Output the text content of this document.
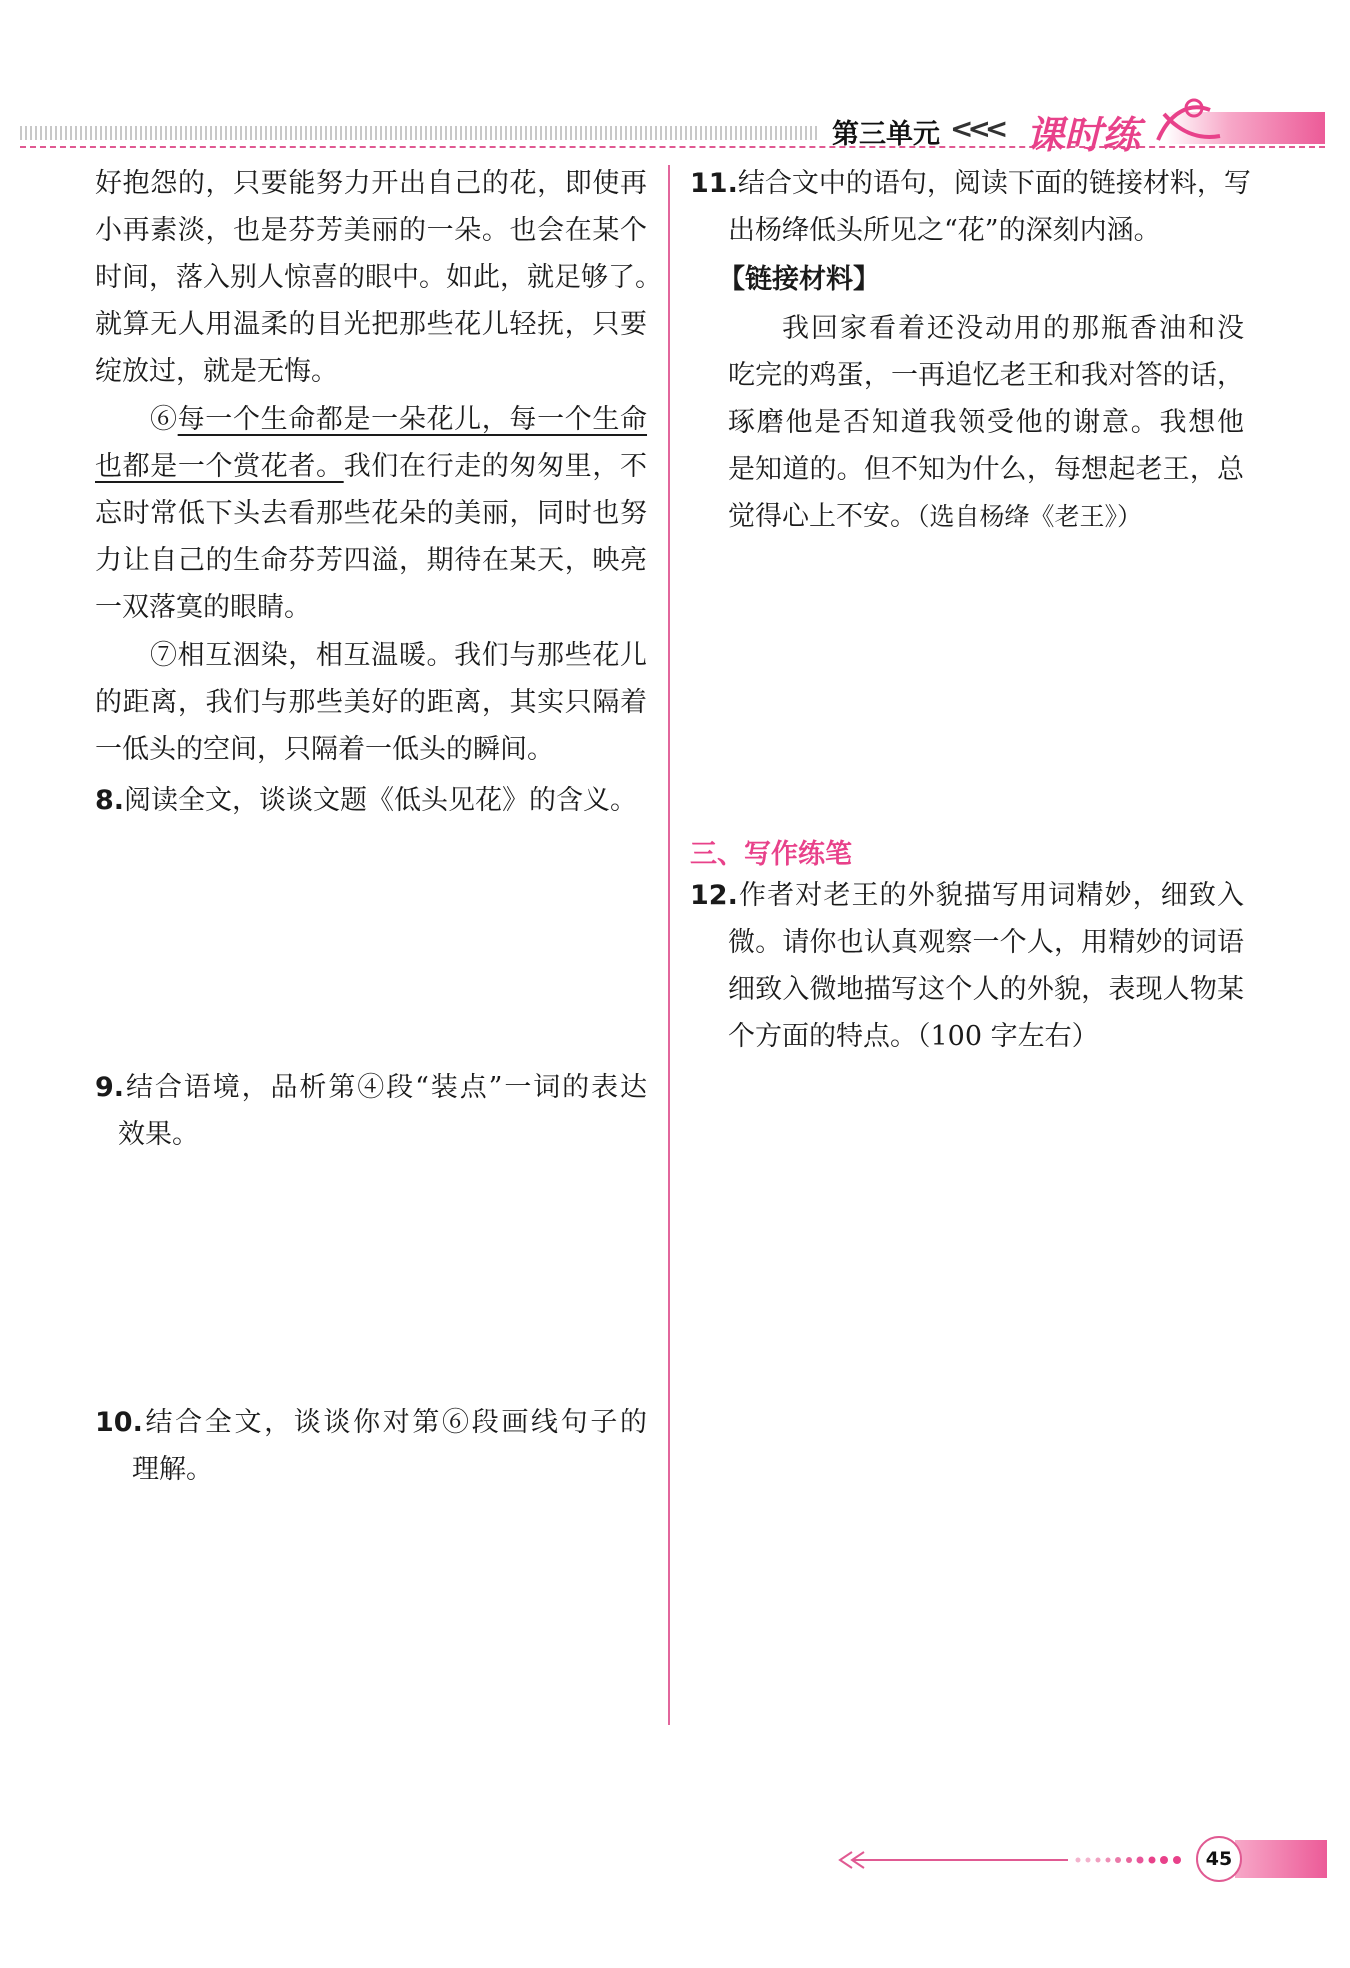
第三单元 <<< 课时练
好抱怨的，只要能努力开出自己的花，即使再
小再素淡，也是芬芳美丽的一朵。也会在某个
时间，落入别人惊喜的眼中。如此，就足够了。
就算无人用温柔的目光把那些花儿轻抚，只要
绽放过，就是无悔。
⑥每一个生命都是一朵花儿，每一个生命
也都是一个赏花者。我们在行走的匆匆里，不
忘时常低下头去看那些花朵的美丽，同时也努
力让自己的生命芬芳四溢，期待在某天，映亮
一双落寞的眼睛。
⑦相互洇染，相互温暖。我们与那些花儿
的距离，我们与那些美好的距离，其实只隔着
一低头的空间，只隔着一低头的瞬间。
8.阅读全文，谈谈文题《低头见花》的含义。
9.结合语境，品析第④段“装点”一词的表达
效果。
10.结合全文，谈谈你对第⑥段画线句子的
理解。
11.结合文中的语句，阅读下面的链接材料，写
出杨绛低头所见之“花”的深刻内涵。
【链接材料】
我回家看着还没动用的那瓶香油和没
吃完的鸡蛋，一再追忆老王和我对答的话，
琢磨他是否知道我领受他的谢意。我想他
是知道的。但不知为什么，每想起老王，总
觉得心上不安。（选自杨绛《老王》）
三、写作练笔
12.作者对老王的外貌描写用词精妙，细致入
微。请你也认真观察一个人，用精妙的词语
细致入微地描写这个人的外貌，表现人物某
个方面的特点。（100 字左右）
45
